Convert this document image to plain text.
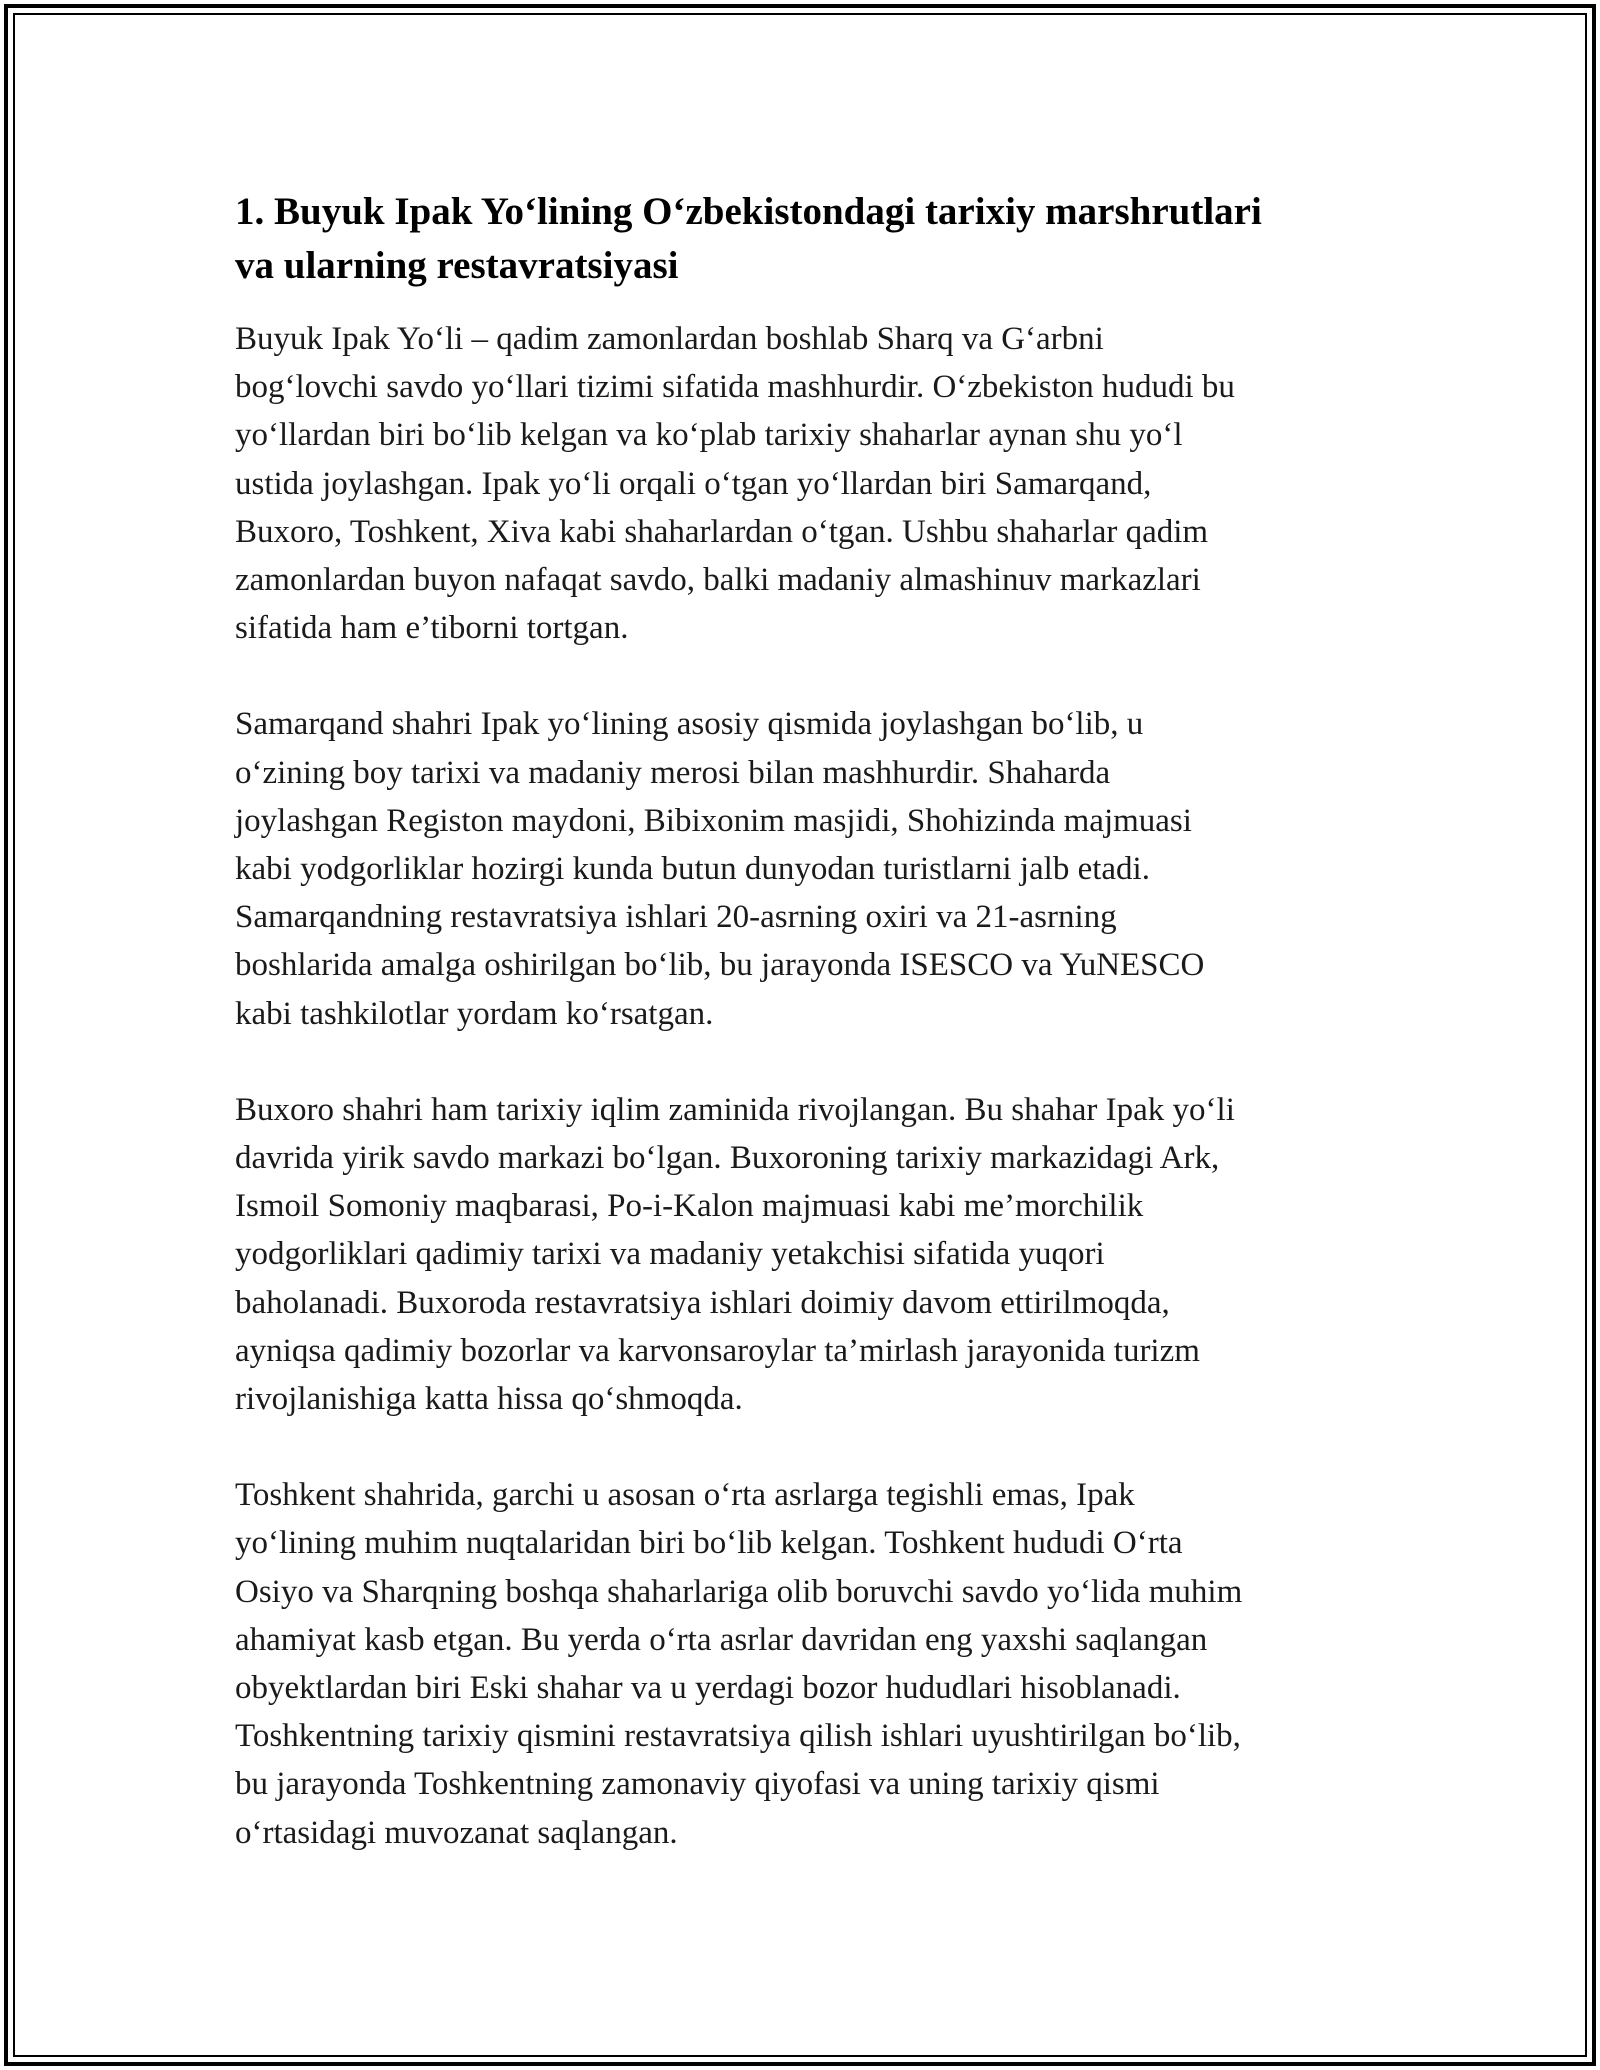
1. Buyuk Ipak Yo‘lining O‘zbekistondagi tarixiy marshrutlari
va ularning restavratsiyasi

Buyuk Ipak Yo‘li – qadim zamonlardan boshlab Sharq va G‘arbni
bog‘lovchi savdo yo‘llari tizimi sifatida mashhurdir. O‘zbekiston hududi bu
yo‘llardan biri bo‘lib kelgan va ko‘plab tarixiy shaharlar aynan shu yo‘l
ustida joylashgan. Ipak yo‘li orqali o‘tgan yo‘llardan biri Samarqand,
Buxoro, Toshkent, Xiva kabi shaharlardan o‘tgan. Ushbu shaharlar qadim
zamonlardan buyon nafaqat savdo, balki madaniy almashinuv markazlari
sifatida ham e’tiborni tortgan.

Samarqand shahri Ipak yo‘lining asosiy qismida joylashgan bo‘lib, u
o‘zining boy tarixi va madaniy merosi bilan mashhurdir. Shaharda
joylashgan Registon maydoni, Bibixonim masjidi, Shohizinda majmuasi
kabi yodgorliklar hozirgi kunda butun dunyodan turistlarni jalb etadi.
Samarqandning restavratsiya ishlari 20-asrning oxiri va 21-asrning
boshlarida amalga oshirilgan bo‘lib, bu jarayonda ISESCO va YuNESCO
kabi tashkilotlar yordam ko‘rsatgan.

Buxoro shahri ham tarixiy iqlim zaminida rivojlangan. Bu shahar Ipak yo‘li
davrida yirik savdo markazi bo‘lgan. Buxoroning tarixiy markazidagi Ark,
Ismoil Somoniy maqbarasi, Po-i-Kalon majmuasi kabi me’morchilik
yodgorliklari qadimiy tarixi va madaniy yetakchisi sifatida yuqori
baholanadi. Buxoroda restavratsiya ishlari doimiy davom ettirilmoqda,
ayniqsa qadimiy bozorlar va karvonsaroylar ta’mirlash jarayonida turizm
rivojlanishiga katta hissa qo‘shmoqda.

Toshkent shahrida, garchi u asosan o‘rta asrlarga tegishli emas, Ipak
yo‘lining muhim nuqtalaridan biri bo‘lib kelgan. Toshkent hududi O‘rta
Osiyo va Sharqning boshqa shaharlariga olib boruvchi savdo yo‘lida muhim
ahamiyat kasb etgan. Bu yerda o‘rta asrlar davridan eng yaxshi saqlangan
obyektlardan biri Eski shahar va u yerdagi bozor hududlari hisoblanadi.
Toshkentning tarixiy qismini restavratsiya qilish ishlari uyushtirilgan bo‘lib,
bu jarayonda Toshkentning zamonaviy qiyofasi va uning tarixiy qismi
o‘rtasidagi muvozanat saqlangan.
